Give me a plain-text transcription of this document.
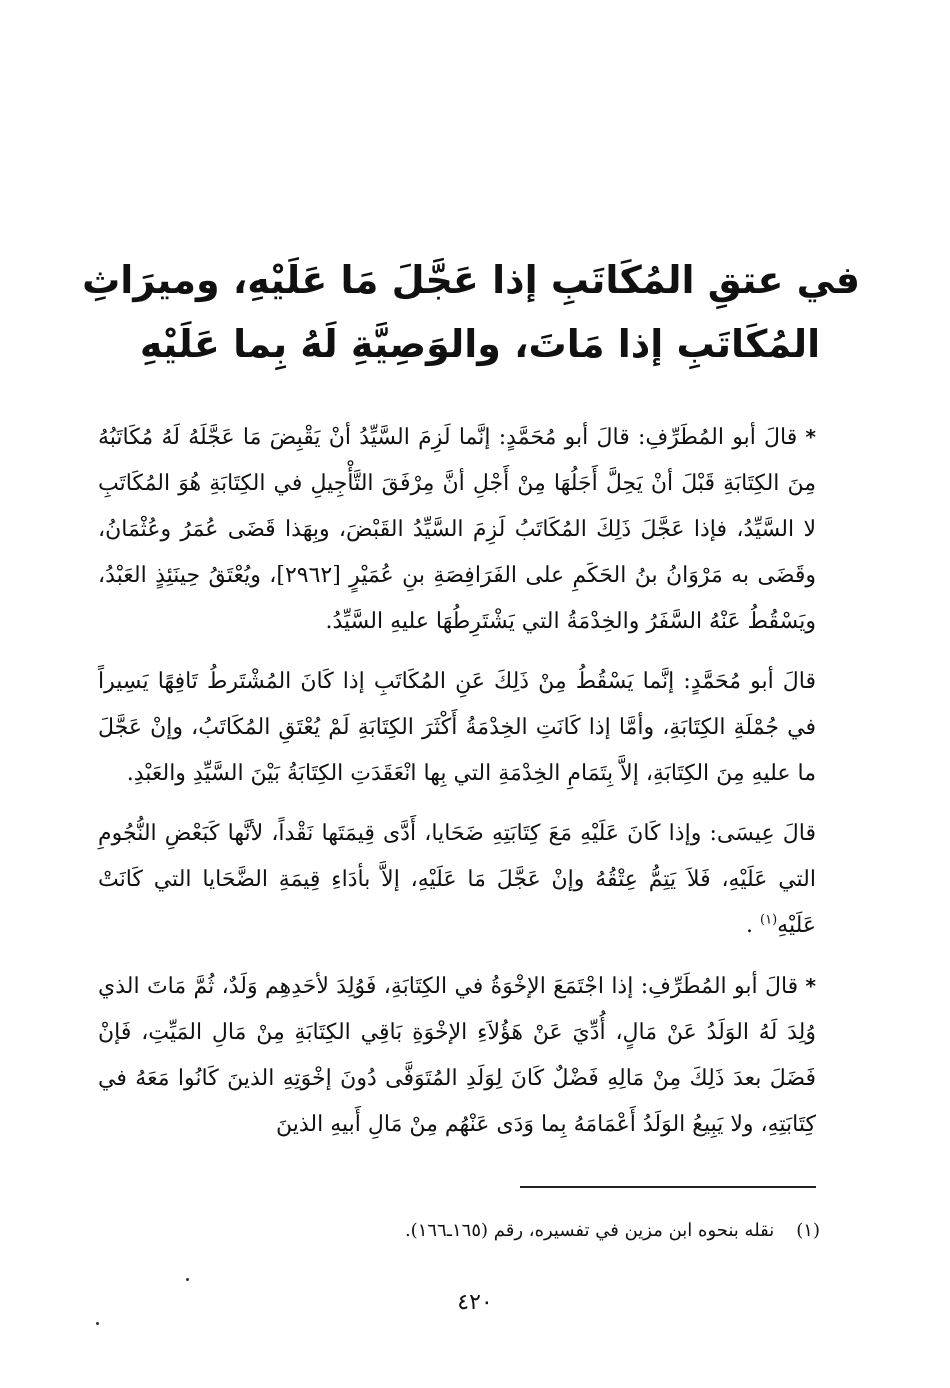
في عتقِ المُكَاتَبِ إذا عَجَّلَ مَا عَلَيْهِ، وميرَاثِ
المُكَاتَبِ إذا مَاتَ، والوَصِيَّةِ لَهُ بِما عَلَيْهِ

* قالَ أبو المُطَرِّفِ: قالَ أبو مُحَمَّدٍ: إنَّما لَزِمَ السَّيِّدُ أنْ يَقْبِضَ مَا عَجَّلَهُ لَهُ مُكَاتَبُهُ مِنَ الكِتَابَةِ قَبْلَ أنْ يَحِلَّ أَجَلُهَا مِنْ أَجْلِ أنَّ مِرْفَقَ التَّأْجِيلِ في الكِتَابَةِ هُوَ المُكَاتَبِ لا السَّيِّدُ، فإذا عَجَّلَ ذَلِكَ المُكَاتَبُ لَزِمَ السَّيِّدُ القَبْضَ، وبِهَذا قَضَى عُمَرُ وعُثْمَانُ، وقَضَى به مَرْوَانُ بنُ الحَكَمِ على الفَرَافِصَةِ بنِ عُمَيْرٍ [٢٩٦٢]، ويُعْتَقُ حِينَئِذٍ العَبْدُ، ويَسْقُطُ عَنْهُ السَّفَرُ والخِدْمَةُ التي يَشْتَرِطُهَا عليهِ السَّيِّدُ.

قالَ أبو مُحَمَّدٍ: إنَّما يَسْقُطُ مِنْ ذَلِكَ عَنِ المُكَاتَبِ إذا كَانَ المُشْتَرطُ تَافِهًا يَسِيراً في جُمْلَةِ الكِتَابَةِ، وأمَّا إذا كَانَتِ الخِدْمَةُ أَكْثَرَ الكِتَابَةِ لَمْ يُعْتَقِ المُكَاتَبُ، وإنْ عَجَّلَ ما عليهِ مِنَ الكِتَابَةِ، إلاَّ بِتَمَامِ الخِدْمَةِ التي بِها انْعَقَدَتِ الكِتَابَةُ بَيْنَ السَّيِّدِ والعَبْدِ.

قالَ عِيسَى: وإذا كَانَ عَلَيْهِ مَعَ كِتَابَتِهِ ضَحَايا، أَدَّى قِيمَتَها نَقْداً، لأنَّها كَبَعْضِ النُّجُومِ التي عَلَيْهِ، فَلاَ يَتِمُّ عِتْقُهُ وإنْ عَجَّلَ مَا عَلَيْهِ، إلاَّ بأدَاءِ قِيمَةِ الضَّحَايا التي كَانَتْ عَلَيْهِ$^{(١)}$ .

* قالَ أبو المُطَرِّفِ: إذا اجْتَمَعَ الإخْوَةُ في الكِتَابَةِ، فَوُلِدَ لأحَدِهِم وَلَدٌ، ثُمَّ مَاتَ الذي وُلِدَ لَهُ الوَلَدُ عَنْ مَالٍ، أُدِّيَ عَنْ هَؤُلاَءِ الإخْوَةِ بَاقِي الكِتَابَةِ مِنْ مَالِ المَيِّتِ، فَإنْ فَضَلَ بعدَ ذَلِكَ مِنْ مَالِهِ فَضْلٌ كَانَ لِوَلَدِ المُتَوَفَّى دُونَ إخْوَتِهِ الذينَ كَانُوا مَعَهُ في كِتَابَتِهِ، ولا يَبِيعُ الوَلَدُ أَعْمَامَهُ بِما وَدَى عَنْهُم مِنْ مَالِ أَبيهِ الذينَ

(١)نقله بنحوه ابن مزين في تفسيره، رقم (١٦٥ـ١٦٦).
٤٢٠
